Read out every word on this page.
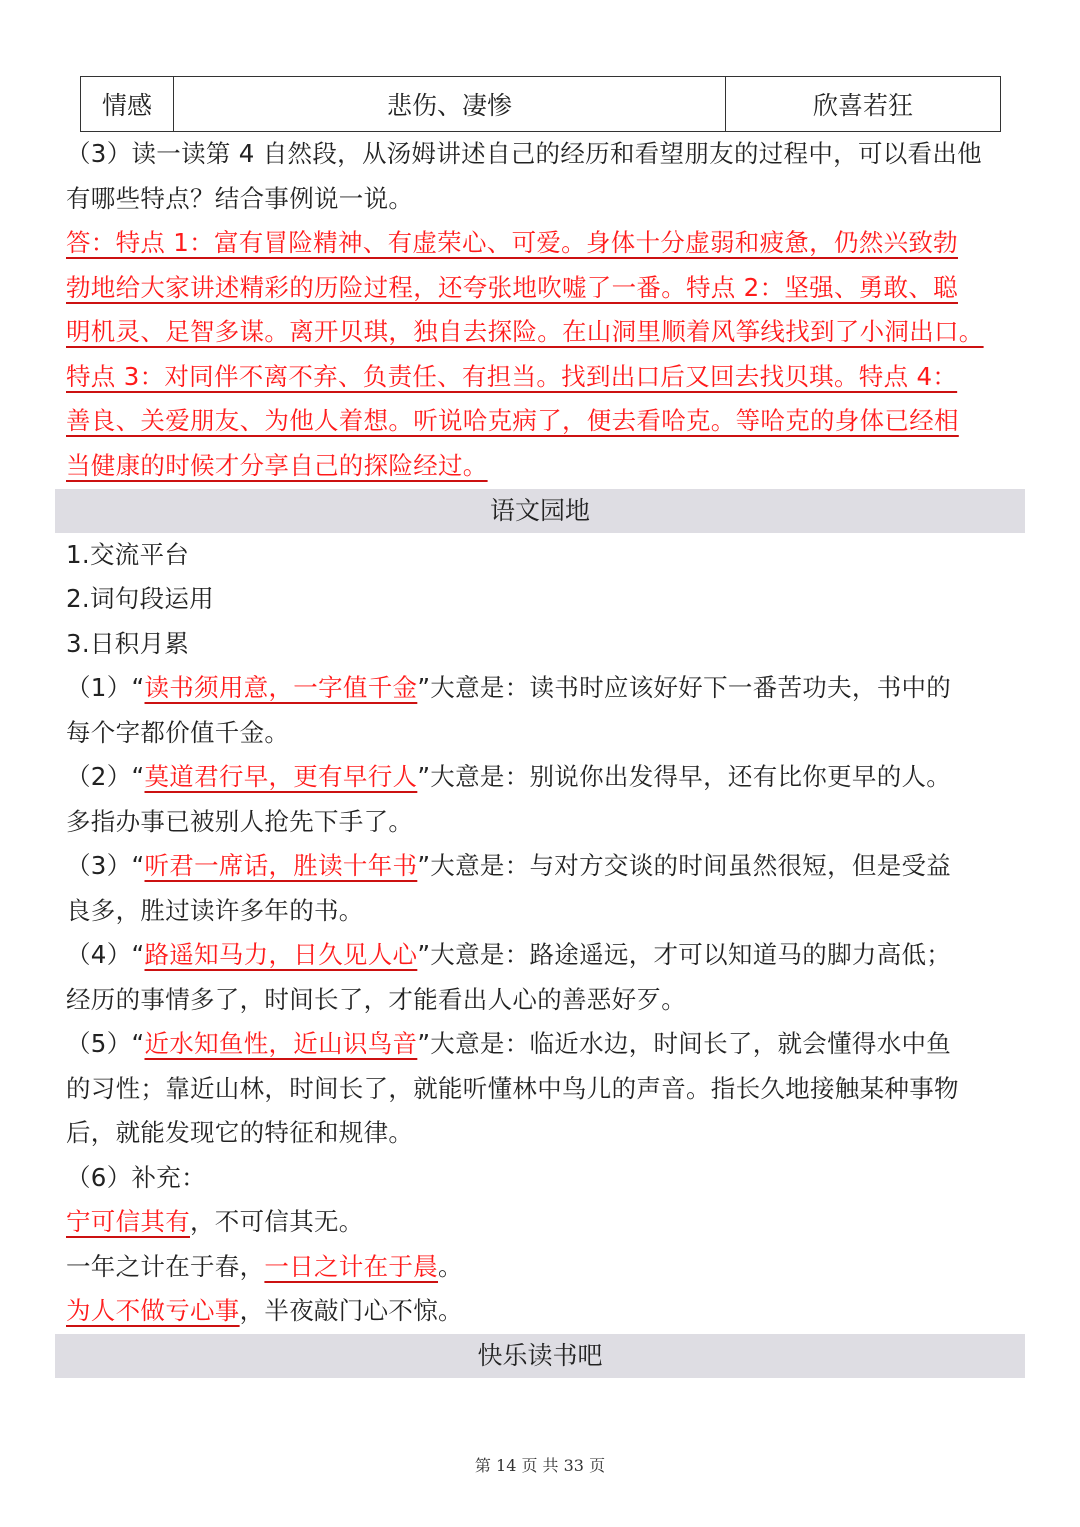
情感	悲伤、凄惨	欣喜若狂
（3）读一读第 4 自然段，从汤姆讲述自己的经历和看望朋友的过程中，可以看出他
有哪些特点？结合事例说一说。
答：特点 1：富有冒险精神、有虚荣心、可爱。身体十分虚弱和疲惫，仍然兴致勃
勃地给大家讲述精彩的历险过程，还夸张地吹嘘了一番。特点 2：坚强、勇敢、聪
明机灵、足智多谋。离开贝琪，独自去探险。在山洞里顺着风筝线找到了小洞出口。
特点 3：对同伴不离不弃、负责任、有担当。找到出口后又回去找贝琪。特点 4：
善良、关爱朋友、为他人着想。听说哈克病了，便去看哈克。等哈克的身体已经相
当健康的时候才分享自己的探险经过。
语文园地
1.交流平台
2.词句段运用
3.日积月累
（1）“读书须用意，一字值千金”大意是：读书时应该好好下一番苦功夫，书中的
每个字都价值千金。
（2）“莫道君行早，更有早行人”大意是：别说你出发得早，还有比你更早的人。
多指办事已被别人抢先下手了。
（3）“听君一席话，胜读十年书”大意是：与对方交谈的时间虽然很短，但是受益
良多，胜过读许多年的书。
（4）“路遥知马力，日久见人心”大意是：路途遥远，才可以知道马的脚力高低；
经历的事情多了，时间长了，才能看出人心的善恶好歹。
（5）“近水知鱼性，近山识鸟音”大意是：临近水边，时间长了，就会懂得水中鱼
的习性；靠近山林，时间长了，就能听懂林中鸟儿的声音。指长久地接触某种事物
后，就能发现它的特征和规律。
（6）补充：
宁可信其有，不可信其无。
一年之计在于春，一日之计在于晨。
为人不做亏心事，半夜敲门心不惊。
快乐读书吧
第 14 页 共 33 页
